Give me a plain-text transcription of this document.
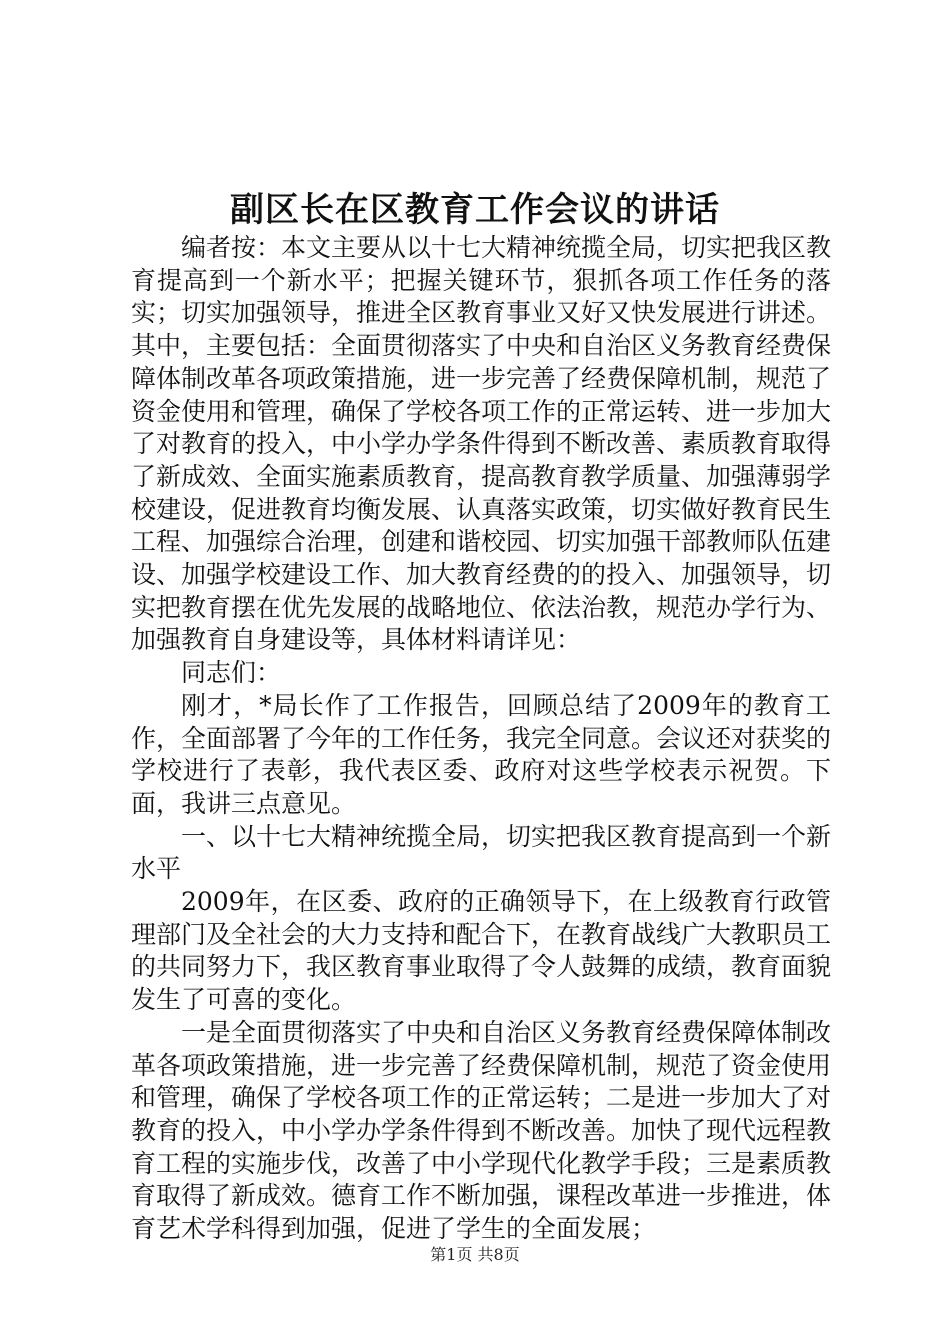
副区长在区教育工作会议的讲话

编者按：本文主要从以十七大精神统揽全局，切实把我区教育提高到一个新水平；把握关键环节，狠抓各项工作任务的落实；切实加强领导，推进全区教育事业又好又快发展进行讲述。其中，主要包括：全面贯彻落实了中央和自治区义务教育经费保障体制改革各项政策措施，进一步完善了经费保障机制，规范了资金使用和管理，确保了学校各项工作的正常运转、进一步加大了对教育的投入，中小学办学条件得到不断改善、素质教育取得了新成效、全面实施素质教育，提高教育教学质量、加强薄弱学校建设，促进教育均衡发展、认真落实政策，切实做好教育民生工程、加强综合治理，创建和谐校园、切实加强干部教师队伍建设、加强学校建设工作、加大教育经费的的投入、加强领导，切实把教育摆在优先发展的战略地位、依法治教，规范办学行为、加强教育自身建设等，具体材料请详见：

同志们：

刚才，*局长作了工作报告，回顾总结了2009年的教育工作，全面部署了今年的工作任务，我完全同意。会议还对获奖的学校进行了表彰，我代表区委、政府对这些学校表示祝贺。下面，我讲三点意见。

一、以十七大精神统揽全局，切实把我区教育提高到一个新水平

2009年，在区委、政府的正确领导下，在上级教育行政管理部门及全社会的大力支持和配合下，在教育战线广大教职员工的共同努力下，我区教育事业取得了令人鼓舞的成绩，教育面貌发生了可喜的变化。

一是全面贯彻落实了中央和自治区义务教育经费保障体制改革各项政策措施，进一步完善了经费保障机制，规范了资金使用和管理，确保了学校各项工作的正常运转；二是进一步加大了对教育的投入，中小学办学条件得到不断改善。加快了现代远程教育工程的实施步伐，改善了中小学现代化教学手段；三是素质教育取得了新成效。德育工作不断加强，课程改革进一步推进，体育艺术学科得到加强，促进了学生的全面发展；

第1页 共8页
